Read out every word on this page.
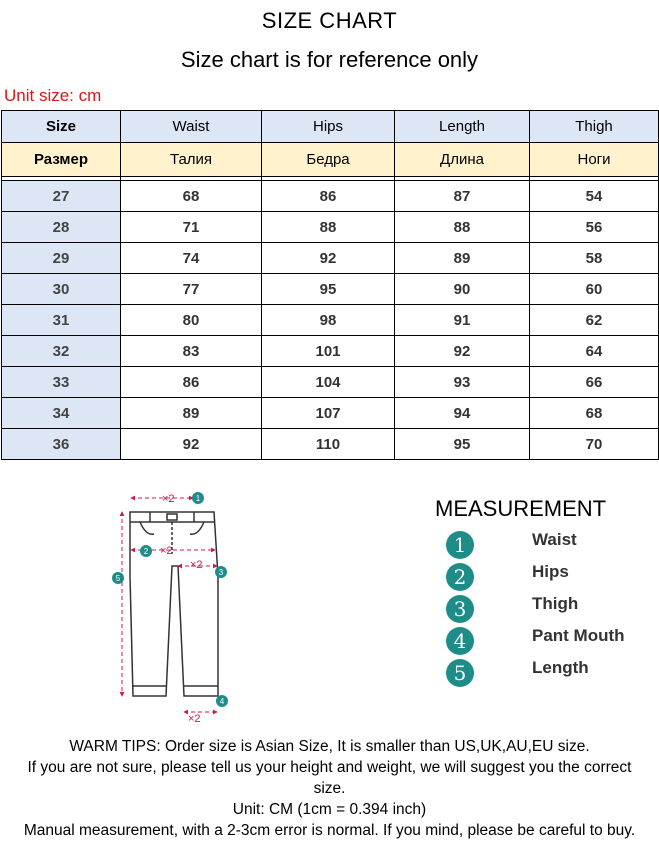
SIZE CHART
Size chart is for reference only
Unit size: cm
Size	Waist	Hips	Length	Thigh
Размер	Талия	Бедра	Длина	Ноги

27	68	86	87	54
28	71	88	88	56
29	74	92	89	58
30	77	95	90	60
31	80	98	91	62
32	83	101	92	64
33	86	104	93	66
34	89	107	94	68
36	92	110	95	70
×2
×2
×2
×2
1
2
3
4
5
MEASUREMENT
1	Waist
2	Hips
3	Thigh
4	Pant Mouth
5	Length
WARM TIPS: Order size is Asian Size, It is smaller than US,UK,AU,EU size.
If you are not sure, please tell us your height and weight, we will suggest you the correct
size.
Unit: CM (1cm = 0.394 inch)
Manual measurement, with a 2-3cm error is normal. If you mind, please be careful to buy.
